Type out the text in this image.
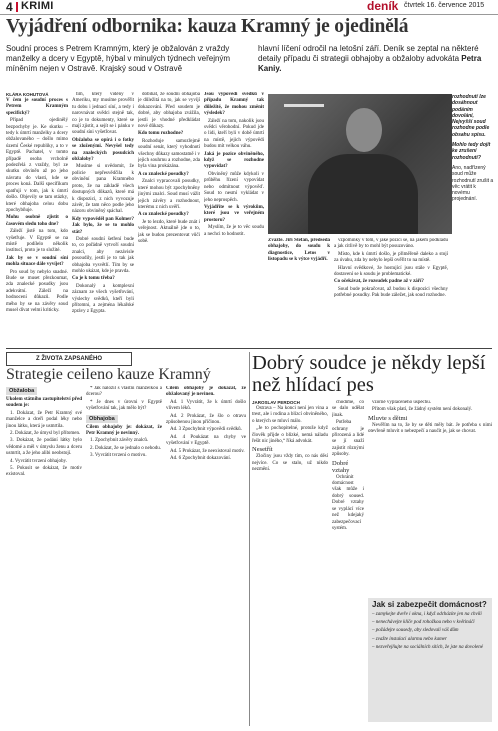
4 KRIMI	deník čtvrtek 16. července 2015
Vyjádření odbornika: kauza Kramný je ojedinělá
Soudní proces s Petrem Kramným, který je obžalován z vraždy manželky a dcery v Egyptě, hýbal v minulých týdnech veřejným míněním nejen v Ostravě. Krajský soud v Ostravě
hlavní líčení odročil na letošní září. Deník se zeptal na některé detaily případu či strategii obhajoby a obžaloby advokáta Petra Kaniy.

KLÁRA KOHUTOVÁ

V čem je soudní proces s Petrem Kramným specifický?

Případ ojedinělý bezpochyby je. Ke skutku – tedy k úmrtí manželky a dcery obžalovaného – došlo mimo území České republiky, a to v Egyptě. Pachatel, v tomto případě osoba vrcholně podezřelá z vraždy, byl ze skutku obviněn až po jeho návratu do vlasti, kde se proces koná. Další specifikum spatřuji v tom, jak k úmrtí došlo. Objevily se tam otázky, které obhajoba celou dobu zpochybňuje.

Mohu osobně zjistit o časovém sledu toho dne?

Záleží jistě na tom, kdo vyšetřuje. V Egyptě se na místě podílelo několik institucí, proto je to složité.

Jak by se v soudní síni mohla situace dále vyvíjet?

Pro soud by nebylo snadné. Bude se muset přezkoumat, zda znalecké posudky jsou adekvátní. Záleží na hodnocení důkazů. Podle mého by se na závěry soud musel dívat velmi kriticky.

tím, který viděný v Ameriku, my musíme prověřit tu dobu i jednací síní, a tedy i narovnávat svědci stejně tak, co je to dokumenty, které se mají zjistit, a sejít se i pánku v soudní síni vyšetřovat.

Obžaloba se opírá i o fotky se zloženými. Nevyšel tedy na znaleckých posudcích obžaloby?

Musíme si uvědomit, že policie nepřesvědčila k obvinění pana Kramného proto, že na základě všech dostupných důkazů, které má k dispozici, z nich vyvozuje závěr, že tam něco podle jeho názoru obviněný spáchal.

Kdy vypověděl pan Kolmer? Jak bylo, že se to mohlo stát?

Dobré soudní šetření bude to, co pořádně vytvoří soudní znalci, aby nezávisle posoudily, jestli je to tak jak obhajoba vysvětlí. Tím by se mohlo ukázat, kde je pravda.

Co je k tomu třeba?

Dokonalý a komplexní záznam ze všech vyšetřování, výslechy svědků, kteří byli přítomni, a zejména lékařské zprávy z Egypta.

dobíhat, že soudní obhajoba je důležitá na to, jak se vyvíjí dokazování. Před soudem je dobré, aby obhajoba zvážila, jestli je vhodné předkládat nové důkazy.

Kdo tomu rozhodne?

Rozhoduje samozřejmě soudní senát, který vyhodnotí všechny důkazy samostatně i v jejich souhrnu a rozhodne, zda byla vina prokázána.

A co znalecké posudky?

Znalci vypracovali posudky, které mohou být zpochybněny jinými znalci. Soud musí vážit jejich závěry a rozhodnout, kterému z nich uvěří.

A co znalecké posudky?

Je to lezdo, které bude znát i veřejnost. Aktuálně jde o to, jak se budou prezentovat vůči sobě.

Jsou výpovědi svědků v případu Kramný tak důležité, že mohou změnit výsledek?

Záleží na tom, nakolik jsou svědci věrohodní. Pokud jde o lidi, kteří byli v době úmrtí na místě, jejich výpovědi budou mít velkou váhu.

Jaká je pozice obviněného, když se rozhodne vypovídat?

Obviněný může kdykoli v průběhu řízení vypovídat nebo odmítnout výpověď. Soud to nesmí vykládat v jeho neprospěch.

Vyjádříte se k výrokům, které jsou ve veřejném prostoru?

Myslím, že je to věc soudu a nechci to hodnotit.

Zvažte. Jiří Štefan, předseda obhajoby, do soudu k diagnostice, Letos v listopadu se k výtce vyjádří.

vzpomínky v tom, v jaké pozici se, na jakém podkladu a jak citlivě by to mohl být posuzováno.

Místo, kde k úmrtí došlo, je přiměřeně daleko a stojí za úvahu, zda by nebylo lepší ověřit to na místě.

Hlavní svědkové, že hostující jsou stále v Egyptě, dostavení se k soudu je problematické.

Co očekávat, že rozsudek padne až v září?

Soud bude pokračovat, až budou k dispozici všechny potřebné posudky. Pak bude záležet, jak soud rozhodne.

rozhodnutí lze dosáhnout podáním dovolání, Nejvyšší soud rozhodne podle obsahu spisu.
Mohlo tedy dojít ke zrušení rozhodnutí?
Ano, nadřízený soud může rozhodnutí zrušit a věc vrátit k novému projednání.
Z ŽIVOTA ZAPSANÉHO
Strategie ceileno kauze Kramný
Obžaloba

Ukolem státního zastupitelství před soudem je:

1. Dokázat, že Petr Kramný své manželce a dceři podal léky nebo jinou látku, která je usmrtila.

2. Dokázat, že úmysl byl přítomen.

3. Dokázat, že podání látky bylo vědomé a měl v úmyslu ženu a dceru usmrtit, a že jeho alibi neobstojí.

4. Vyvrátit tvrzení obhajoby.

5. Pokusit se dokázat, že motiv existoval.

* Jak naložil s vlastní manželkou a dcerou?

* Je dnes v úrovni v Egyptě vyšetřování tak, jak mělo být?

Obhajoba

Cílem obhajoby je: dokázat, že Petr Kramný je nevinný.

1. Zpochybnit závěry znalců.

2. Dokázat, že se jednalo o nehodu.

3. Vyvrátit tvrzení o motivu.

Cílem obhajoby je dokázat, že obžalovaný je nevinen.

Ad. 1 Vyvrátit, že k úmrtí došlo vlivem léků.

Ad. 2 Prokázat, že šlo o otravu způsobenou jinou příčinou.

Ad. 3 Zpochybnit výpovědi svědků.

Ad. 4 Poukázat na chyby ve vyšetřování v Egyptě.

Ad. 5 Prokázat, že neexistoval motiv.

Ad. 6 Zpochybnit dokazování.

Dobrý soudce je někdy lepší než hlídací pes

JAROSLAV PERDOCH

Ostrava – Na konci není jen vina a trest, ale i rodina a blízcí obviněného, o kterých se mluví málo.

„Je to pochopitelné, protože když člověk přijde o blízké, nemá náladu řešit nic jiného,“ říká advokát.

Nesetřít

Zločiny jsou vždy tím, co nás děsí nejvíce. Co se stalo, už nikdo nezmění.

chodíme, co se dalo udělat jinak.

Potřeba ochrany je přirozená a lidé se jí snaží zajistit různými způsoby.

Dobré vztahy

Ochránit domácnost však může i dobrý soused. Dobré vztahy se vyplácí více než kdejaký zabezpečovací systém.

vzorně vyplaceného úspěchu.

Přitom však platí, že žádný systém není dokonalý.

Mluvte s dětmi

Nevěřím na to, že by se děti měly bát. Je potřeba s nimi otevřeně mluvit o nebezpečí a naučit je, jak se chovat.

Jak si zabezpečit domácnost?

– zamykejte dveře i okna, i když odcházíte jen na chvíli

– nenechávejte klíče pod rohožkou nebo v květináči

– požádejte sousedy, aby sledovali váš dům

– zvažte instalaci alarmu nebo kamer

– nezveřejňujte na sociálních sítích, že jste na dovolené
